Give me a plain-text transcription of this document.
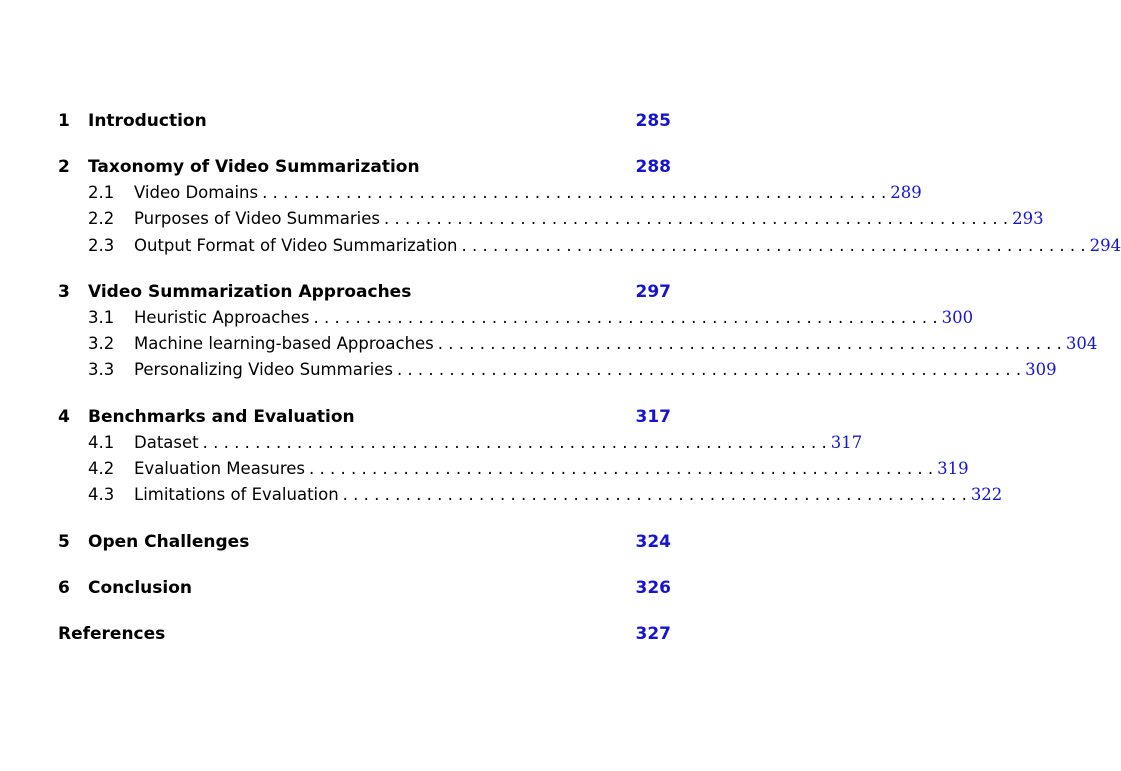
1	Introduction	285
2	Taxonomy of Video Summarization	288
2.1	Video Domains . . . . . . . . . . . . . . . . . . . . . . . . . . . . . . . . . . . . . . . . . . . . . . . . . . . . . . . . . . . . 289
2.2	Purposes of Video Summaries . . . . . . . . . . . . . . . . . . . . . . . . . . . . . . . . . . . . . . . . . . . . . . . . . . . . . . . . . . . . 293
2.3	Output Format of Video Summarization . . . . . . . . . . . . . . . . . . . . . . . . . . . . . . . . . . . . . . . . . . . . . . . . . . . . . . . . . . . . 294
3	Video Summarization Approaches	297
3.1	Heuristic Approaches . . . . . . . . . . . . . . . . . . . . . . . . . . . . . . . . . . . . . . . . . . . . . . . . . . . . . . . . . . . . 300
3.2	Machine learning-based Approaches . . . . . . . . . . . . . . . . . . . . . . . . . . . . . . . . . . . . . . . . . . . . . . . . . . . . . . . . . . . . 304
3.3	Personalizing Video Summaries . . . . . . . . . . . . . . . . . . . . . . . . . . . . . . . . . . . . . . . . . . . . . . . . . . . . . . . . . . . . 309
4	Benchmarks and Evaluation	317
4.1	Dataset . . . . . . . . . . . . . . . . . . . . . . . . . . . . . . . . . . . . . . . . . . . . . . . . . . . . . . . . . . . . 317
4.2	Evaluation Measures . . . . . . . . . . . . . . . . . . . . . . . . . . . . . . . . . . . . . . . . . . . . . . . . . . . . . . . . . . . . 319
4.3	Limitations of Evaluation . . . . . . . . . . . . . . . . . . . . . . . . . . . . . . . . . . . . . . . . . . . . . . . . . . . . . . . . . . . . 322
5	Open Challenges	324
6	Conclusion	326
References	327
